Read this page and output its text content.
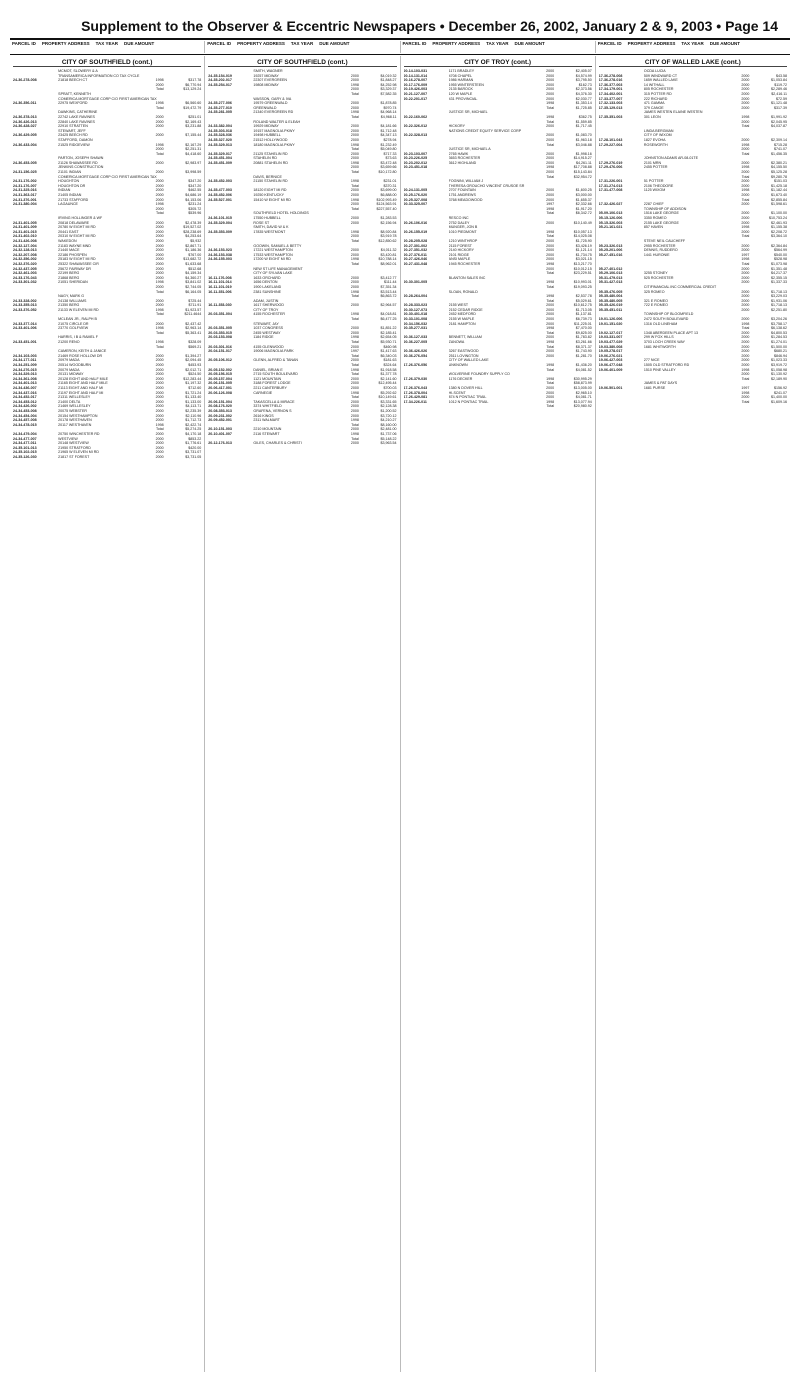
Supplement to the Observer & Eccentric Newspapers • December 26, 2002, January 2 & 9, 2003 • Page 14
PARCEL ID PROPERTY ADDRESS TAX YEAR DUE AMOUNT	PARCEL ID PROPERTY ADDRESS TAX YEAR DUE AMOUNT	PARCEL ID PROPERTY ADDRESS TAX YEAR DUE AMOUNT	PARCEL ID PROPERTY ADDRESS TAX YEAR DUE AMOUNT
CITY OF SOUTHFIELD (cont.)
MCMOT, SLOWERY & A
TRANSAMERICA INFORMATION CO TAX CYCLE
24-36-278-008	21818 BEECH CT	1998	$317.78
2000	$6,770.94
Total	$13,129.24
SPRATT, KENNETH
COMERICA MORTGAGE CORP C/O FIRST AMERICAN TAX
24-36-356-011	22975 WEXFORD	1998	$6,560.60
Total	$19,472.79
DAWKINS, CATHERINE
24-36-378-013	22742 LAKE RAVINES	2000	$251.01
24-36-426-013	22840 LAKE RAVINES	2000	$2,169.43
24-36-428-027	22910 STRATTEN	2000	$3,231.88
STEWART, JEFF
24-36-429-005	23425 BEECH RD	2000	$7,155.44
STAFFORD, DAMON
24-36-433-004	21525 RIDGEVIEW	1998	$2,167.29
2000	$2,251.31
Total	$4,418.60
PARTON, JOSEPH SHAWN
24-36-453-005	21126 SHAWASSEE RD	2000	$2,983.97
JENKINS CONSTRUCTION
24-31-156-025	21101 INDIAN	2000	$3,998.59
COMERICA MORTGAGE CORP C/O FIRST AMERICAN TAX
24-31-176-002	HOUGHTON	2000	$347.20
24-31-176-007	HOUGHTON DR	2000	$347.20
24-31-325-016	INDIAN	2000	$462.55
24-31-363-017	21405 INDIAN	2000	$4,686.19
24-31-376-001	21733 STAFFORD	2000	$4,153.06
24-31-380-004	LAGAUNCE	1998	$231.24
2000	$305.72
Total	$539.96
IRVING HOLLINGER & WF
24-31-401-005	20818 DELAWARE	2000	$2,478.39
24-31-401-009	20780 W EIGHT MI RD	2000	$19,527.02
24-31-401-015	20441 EAST	2000	$28,238.69
24-31-402-010	20310 W EIGHT MI RD	2000	$4,253.64
24-31-426-008	WAKEDON	2000	$5,932
24-32-127-004	21183 WAYNE MND	2000	$2,867.71
24-32-128-013	21440 MACE	2000	$1,186.36
24-32-207-008	22186 PHOSPEN	2000	$767.00
24-32-356-002	25183 W EIGHT MI RD	2000	$13,682.72
24-32-376-020	25322 SHAWASSEE CIR	2000	$1,633.68
24-32-437-005	25672 FAIRWAY DR	2000	$512.68
24-32-461-003	22199 BERG	2000	$4,159.34
24-33-176-043	21868 BERG	2000	$4,360.27
24-33-301-032	21051 SHERIDAN	1998	$3,841.02
2000	$2,744.05
Total	$6,164.05
NAGY, MARK G
24-33-328-002	24138 WILLIAMS	2000	$725.44
24-33-355-013	21350 BERG	2000	$711.91
24-33-376-052	21133 W ELEVEN MI RD	1998	$1,923.57
Total	$211.4644
MCLEAN JR., RALPH B
24-33-377-014	21075 CIRCLE DR	2000	$2,437.42
24-33-401-006	23770 GOLFVIEW	1998	$2,963.14
Total	$5,363.41
HARRIS, I B & RAMEL F
24-33-451-001	21200 RENO	1998	$328.09
Total	$569.21
CAMERON, KEITH & JANICE
24-34-103-003	21469 ROSE HOLLOW DR	2000	$1,394.27
24-34-177-011	20979 MADA	2000	$2,094.45
24-34-251-009	20514 WOODBURN	2000	$453.93
24-34-276-015	20079 MADA	2000	$2,012.71
24-34-329-013	20131 MIDWAY	2000	$524.50
24-34-361-008	20128 EIGHT AND HALF MILE	2000	$12,283.44
24-34-401-013	21165 EIGHT AND HALF MILE	2000	$1,197.32
24-34-436-007	21113 EIGHT AND HALF MI	2000	$712.60
24-34-437-016	21197 EIGHT AND HALF MI	2000	$1,721.24
24-34-452-017	21311 WELLESLEY	2000	$1,133.40
24-34-453-012	21400 DELTA	2000	$1,133.00
24-34-426-002	21469 WELLESLEY	2000	$4,113.71
24-34-453-008	20075 WEBSTER	2000	$2,235.39
24-34-454-004	20154 WESTHAMPTON	2000	$2,110.96
24-34-457-008	20178 WESTHAVEN	2000	$1,712.73
24-34-478-015	20117 WESTHAVEN	1998	$2,422.74
Total	$5,274.25
24-34-479-004	20750 WINCHESTER RD	2000	$4,170.18
24-34-477-007	WESTVIEW	2000	$853.22
24-34-477-011	20148 WESTVIEW	2000	$1,776.61
24-35-101-013	21950 STRATFORD	2000	$420.00
24-35-102-015	21965 W ELEVEN MI RD	2000	$3,731.07
24-35-126-030	21817 ST FOREST	2000	$3,731.05
CITY OF SOUTHFIELD (cont.)
SMITH, WAGNER
24-35-154-019	19257 MIDWAY	2000	$4,019.32
24-35-202-017	22307 EVERGREEN	2000	$1,848.27
24-35-254-017	19808 MIDWAY	1998	$4,252.98
2000	$3,329.37
Total	$7,582.35
WASSON, GARY & IVA
24-35-277-006	19579 GREENWALD	2000	$1,878.85
24-35-277-010	GREENWALD	2000	$970.74
24-35-281-005	21340 EVERGREEN RD	1998	$4,968.14
Total	$4,968.11
ROLAND WALTER & ELEAH
24-33-382-004	19929 MIDWAY	2000	$4,181.66
24-35-303-018	19157 MAGNOLIA PKWY	2000	$1,712.48
24-35-328-036	19498 HUBBELL	2000	$4,347.13
24-35-327-020	21512 HOLLYWOOD	2000	$278.94
24-35-329-013	18180 MAGNOLIA PKWY	1998	$1,232.49
Total	$5,049.80
24-35-329-017	21125 STAHELIN RD	2000	$717.33
24-35-451-004	STAHELIN RD	2000	$73.63
24-35-451-009	20881 STAHELIN RD	1998	$3,472.48
2000	$3,659.66
Total	$10,172.80
DAVIS, BERNICE
24-35-452-003	21150 STAHELIN RD	1998	$231.01
Total	$370.31
24-35-477-003	18120 EIGHT MI RD	2000	$3,699.00
24-35-452-006	19250 KENTUCKY	2000	$6,888.00
24-35-527-001	15410 W EIGHT MI RD	1998	$102,993.49
2000	$124,563.91
Total	$227,557.40
SOUTHFIELD HOTEL HOLDINGS
24-36-101-015	17550 HUBBELL	2000	$1,283.53
24-35-329-004	ROSE ST	2000	$2,156.94
SMITH, DAVID W & K
24-35-353-009	17835 WESTMONT	1998	$8,920.84
2000	$3,919.78
Total	$12,850.62
GOOWIN, SAMUEL & BETTY
24-36-153-023	17221 WESTHAMPTON	2000	$4,011.32
24-36-153-038	17533 WESTHAMPTON	2000	$3,420.81
24-36-155-003	17200 W EIGHT MI RD	1998	$10,788.14
Total	$8,962.01
NEW ST LIFE MANAGEMENT
CITY OF SYLVAN LAKE
16-11-176-008	1633 ORCHARD	2000	$3,412.77
16-11-101-014	1656 DENTON	2000	$111.44
16-11-101-019	1900 LAKELAND	2000	$7,351.34
16-11-351-006	2381 SUNSHINE	1998	$3,513.44
Total	$6,863.72
ADAM, JUSTIN
16-11-353-030	1617 SHERWOOD	2000	$2,964.57
CITY OF TROY
20-03-351-004	4155 ROCHESTER	1998	$4,018.81
Total	$6,477.25
STEWART, JAY
20-03-351-005	1037 CONGRESS	2000	$1,851.22
20-03-353-015	2455 WESTWAY	2000	$2,185.41
20-03-153-008	1184 RIDGE	1998	$2,654.05
Total	$5,930.71
20-03-301-016	4155 GLENWOOD	2000	$460.98
20-04-151-017	19006 MAGNOLIA PARK	1997	$1,417.63
Total	$6,340.03
20-05-106-012	GLENN, ALFRED & TANAN	2000	$181.63
Total	$324.64
20-05-152-002	DANIEL, BRIAN E	1998	$1,918.58
20-05-156-015	2715 SOUTH BOULEVARD	Total	$1,377.78
20-05-157-004	1121 MOUNTAIN	2000	$2,141.60
20-06-151-005	3188 FOREST LODGE	2000	$12,495.44
20-06-417-001	2211 CANTERBURY	2000	$700.03
20-06-126-008	CARNEGIE	1998	$5,292.62
Total	$10,149.61
20-06-151-004	TAKASCELLA & MIRACE	2000	$3,331.65
20-08-176-020	3374 WHITFIELD	2000	$2,128.38
20-08-353-013	GRAFENA, VERNON S	2000	$1,200.52
20-09-231-002	2616 KINGS	2000	$3,720.12
20-09-452-001	2311 WALMART	1998	$4,210.27
Total	$8,160.00
20-10-151-003	2210 MOUNTAIN	2000	$2,481.00
20-10-401-007	2116 STEWART	1998	$1,737.06
Total	$5,148.22
20-12-176-013	GILES, CHARLES & CHRISTI	2000	$3,963.54
CITY OF TROY (cont.)
20-14-103-031	1171 BRADLEY	2000	$2,405.07
20-14-131-014	4708 CHAPEL	2000	$4,574.99
20-16-278-007	1986 HARMAN	2000	$3,795.50
20-17-176-009	1955 WINTERSTEEN	2000	$162.73
20-19-426-003	2135 BAROCK	2000	$2,373.56
20-21-127-007	120 W MAPLE	2000	$4,376.30
20-22-201-017	431 PROVINCIAL	2000	$2,030.77
1998	$1,353.14
Total	$1,725.85
JUSTICE SR, MICHAEL
20-22-160-062	1998	$362.75
Total	$1,559.85
20-22-326-012	HICKORY	2000	$1,717.45
NATIONS CREDIT EQUITY SERVICE CORP
20-22-328-013	2000	$1,083.70
2000	$1,963.18
Total	$3,046.88
JUSTICE SR, MICHAEL A
20-23-103-007	2765 HAWK	2000	$1,998.16
20-23-226-025	3653 ROCHESTER	2000	$14,915.27
20-23-202-012	3612 HIGHLAND	2000	$4,261.11
20-23-451-018	1998	$17,708.88
2000	$15,143.84
Total	$32,954.72
FOGNINI, WILLIAM J
THERESA GROUCHO VINCENT CRUSOE SR
20-24-131-005	2707 FOUNTAIN	2000	$1,600.25
20-25-176-020	1751 ANDREWS	2000	$3,000.00
20-25-327-008	3768 MEADOWOOD	2000	$1,655.37
20-33-325-007	1997	$2,332.66
1998	$1,917.20
Total	$6,342.72
RESCO INC
20-26-106-016	2752 DALEY	2000	$10,140.49
MUNGER, JON B
20-26-155-019	1010 PIEDMONT	1998	$10,057.13
Total	$14,025.08
20-28-205-028	1210 WINTHROP	2000	$1,725.90
20-27-301-002	2115 FOREST	2000	$3,426.19
20-27-351-032	2140 HICKORY	2000	$1,121.14
20-27-376-011	2101 RIDGE	2000	$1,734.75
20-27-426-046	ANSI MAPLE	2000	$3,021.15
20-27-431-048	1945 ROCHESTER	1998	$13,217.70
2000	$10,012.15
Total	$23,229.51
BLANTON SALES INC
20-30-301-005	1998	$10,993.01
Total	$19,093.25
SLOAN, RONALD
20-28-264-004	1998	$2,537.78
Total	$5,029.61
20-28-333-023	2155 WEST	2000	$10,612.75
20-30-127-073	2152 CEDAR RIDGE	2000	$1,713.05
20-30-401-018	2452 MEDFORD	2000	$1,137.81
20-33-101-008	2155 W MAPLE	2000	$6,739.73
20-34-156-032	2181 HAMPTON	2000	$11,225.01
20-35-277-031	1998	$7,470.00
Total	$9,825.00
20-36-127-033	BENNETT, WILLIAM	2000	$1,783.82
20-36-227-005	ZANOWA	1998	$3,261.66
Total	$8,371.37
20-36-426-026	3267 EASTWOOD	2000	$1,743.90
20-36-276-054	2511 LOVINGTON	2000	$1,281.70
CITY OF WALLED LAKE
17-26-376-056	UNKNOWN	1998	$1,436.20
Total	$4,081.52
WOLVERINE FOUNDRY SUPPLY CO
17-26-379-030	1176 DECKER	1998	$30,995.29
Total	$58,873.99
17-26-376-043	1380 N DOVER HILL	2000	$13,005.00
17-26-378-004	HI-SCENT	2000	$2,965.10
17-26-429-081	874 N PONTIAC TRAIL	2000	$4,081.71
17-34-226-011	1012 N PONTIAC TRAIL	1998	$13,077.94
Total	$20,980.92
CITY OF WALLED LAKE (cont.)
OCDA LUCIA
17-36-278-008	509 WINDWARD CT	2000	$43.58
17-36-278-016	1659 WALLED LAKE	2000	$1,053.84
17-36-377-003	14 WITHALL	2000	$119.72
17-34-179-001	805 ROCHESTER	2000	$2,289.46
17-34-402-001	315 POTTER RD	2000	$2,416.11
17-33-377-007	222 RICHARD	2000	$72.59
17-32-133-003	471 GAMMA	2000	$1,121.48
17-35-129-013	379 CANOE	2000	$317.39
JAMES WESTEN ELAINE WESTEN
17-35-351-003	301 LEON	1998	$1,991.92
2000	$2,045.95
Total	$4,037.87
LINDA BERGMAN
CITY OF WIXOM
17-28-101-043	1827 EVOHA	2000	$2,309.14
17-29-227-004	ROSEWORTH	1998	$715.28
2000	$741.07
Total	$1,456.35
JOHNSTON ADAMS AR-08-01TE
17-29-276-019	2101 MRN	2000	$2,380.21
17-29-476-006	2455 POTTER	1998	$4,155.50
2000	$5,125.28
Total	$9,280.78
17-31-226-001	51 POTTER	2000	$151.03
17-31-274-013	2106 THEODORE	2000	$1,425.18
17-31-477-008	1125 WIXOM	1998	$1,182.44
2000	$1,673.40
Total	$2,855.84
17-32-426-027	2287 CHIEF	2000	$1,598.61
TOWNSHIP OF ADDISON
05-09-106-013	1516 LAKE GEORGE	2000	$1,100.00
05-15-126-006	3350 ROMEO	2000	$10,753.24
05-15-326-003	2155 LAKE GEORGE	2000	$2,461.93
05-21-161-021	857 HAVEN	1998	$1,155.38
2000	$2,208.72
Total	$3,364.10
STEVE NEIL CAUCHEFF
05-23-326-013	2955 ROCHESTER	2000	$2,364.84
05-25-201-006	DENNIS, RUDDERO	2000	$564.99
05-27-451-016	1441 HURONIE	1997	$540.00
1998	$528.98
Total	$1,073.98
05-27-401-012	2000	$1,351.48
05-29-106-013	3255 STONEY	2000	$4,217.37
05-31-479-013	525 ROCHESTER	2000	$2,355.15
05-31-427-013	2000	$1,337.33
CITIFINANCIAL INC COMMERCIAL CREDIT
05-35-476-005	325 ROMEO	2000	$1,718.13
05-35-480-004	2000	$3,229.03
05-35-480-005	321 E ROMEO	2000	$1,931.06
05-35-426-019	722 E ROMEO	2000	$1,718.13
05-35-451-011	2000	$2,251.80
TOWNSHIP OF BLOOMFIELD
19-01-126-006	2472 SOUTH BOULEVARD	2000	$3,204.26
19-01-151-020	1316 OLD LINEHAM	1998	$3,758.17
Total	$6,138.62
19-02-127-017	1348 ABERDEEN PLACE APT 13	2000	$4,800.53
19-03-331-007	299 W FOX HILLS	2000	$1,284.53
19-03-477-029	3703 LOCH CREEK WAY	2000	$1,274.01
19-03-380-008	1681 WHITWORTH	2000	$1,500.00
19-05-278-017	2000	$680.21
19-06-276-021	2000	$846.94
19-06-427-003	277 NICE	2000	$1,023.33
19-06-477-048	1505 OLD STRATFORD RD	2000	$3,919.72
19-06-401-009	1510 PINE VALLEY	1998	$1,058.98
2000	$1,130.92
Total	$2,189.90
JAMES & PAT DAYS
19-06-501-001	1681 PURSE	1997	$156.92
1998	$241.07
2000	$1,400.00
Total	$1,609.16
